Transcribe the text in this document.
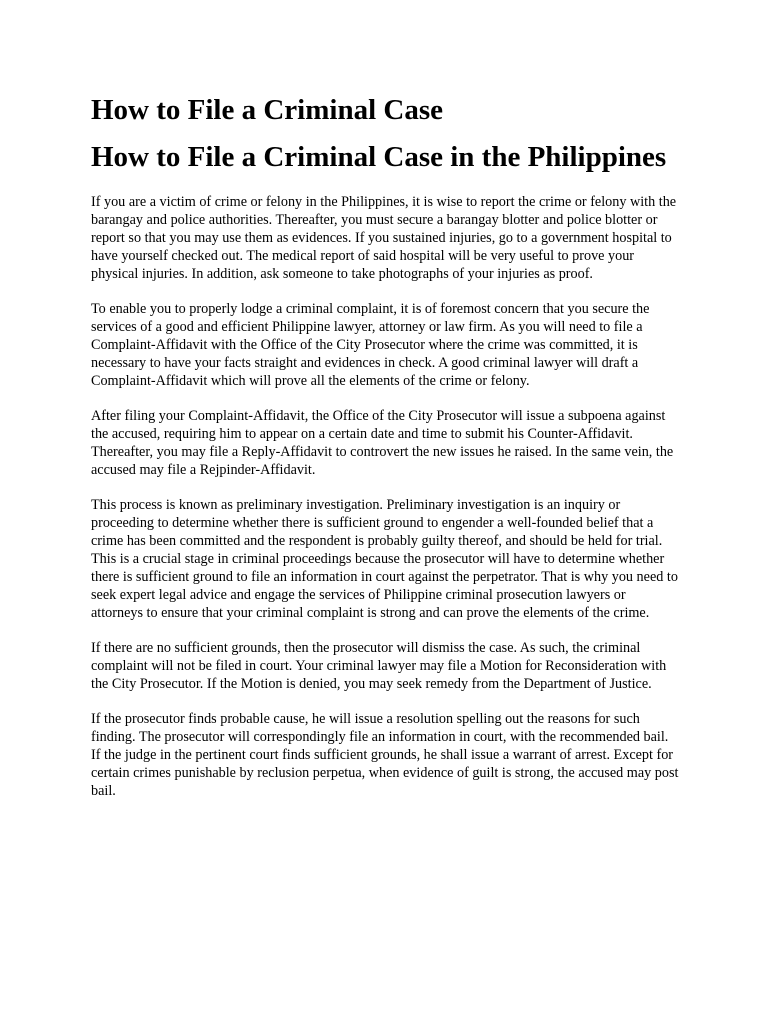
How to File a Criminal Case
How to File a Criminal Case in the Philippines

If you are a victim of crime or felony in the Philippines, it is wise to report the crime or felony with the barangay and police authorities. Thereafter, you must secure a barangay blotter and police blotter or report so that you may use them as evidences. If you sustained injuries, go to a government hospital to have yourself checked out. The medical report of said hospital will be very useful to prove your physical injuries. In addition, ask someone to take photographs of your injuries as proof.

To enable you to properly lodge a criminal complaint, it is of foremost concern that you secure the services of a good and efficient Philippine lawyer, attorney or law firm. As you will need to file a Complaint-Affidavit with the Office of the City Prosecutor where the crime was committed, it is necessary to have your facts straight and evidences in check. A good criminal lawyer will draft a Complaint-Affidavit which will prove all the elements of the crime or felony.

After filing your Complaint-Affidavit, the Office of the City Prosecutor will issue a subpoena against the accused, requiring him to appear on a certain date and time to submit his Counter-Affidavit. Thereafter, you may file a Reply-Affidavit to controvert the new issues he raised. In the same vein, the accused may file a Rejpinder-Affidavit.

This process is known as preliminary investigation. Preliminary investigation is an inquiry or proceeding to determine whether there is sufficient ground to engender a well-founded belief that a crime has been committed and the respondent is probably guilty thereof, and should be held for trial. This is a crucial stage in criminal proceedings because the prosecutor will have to determine whether there is sufficient ground to file an information in court against the perpetrator. That is why you need to seek expert legal advice and engage the services of Philippine criminal prosecution lawyers or attorneys to ensure that your criminal complaint is strong and can prove the elements of the crime.

If there are no sufficient grounds, then the prosecutor will dismiss the case. As such, the criminal complaint will not be filed in court. Your criminal lawyer may file a Motion for Reconsideration with the City Prosecutor. If the Motion is denied, you may seek remedy from the Department of Justice.

If the prosecutor finds probable cause, he will issue a resolution spelling out the reasons for such finding. The prosecutor will correspondingly file an information in court, with the recommended bail. If the judge in the pertinent court finds sufficient grounds, he shall issue a warrant of arrest. Except for certain crimes punishable by reclusion perpetua, when evidence of guilt is strong, the accused may post bail.
